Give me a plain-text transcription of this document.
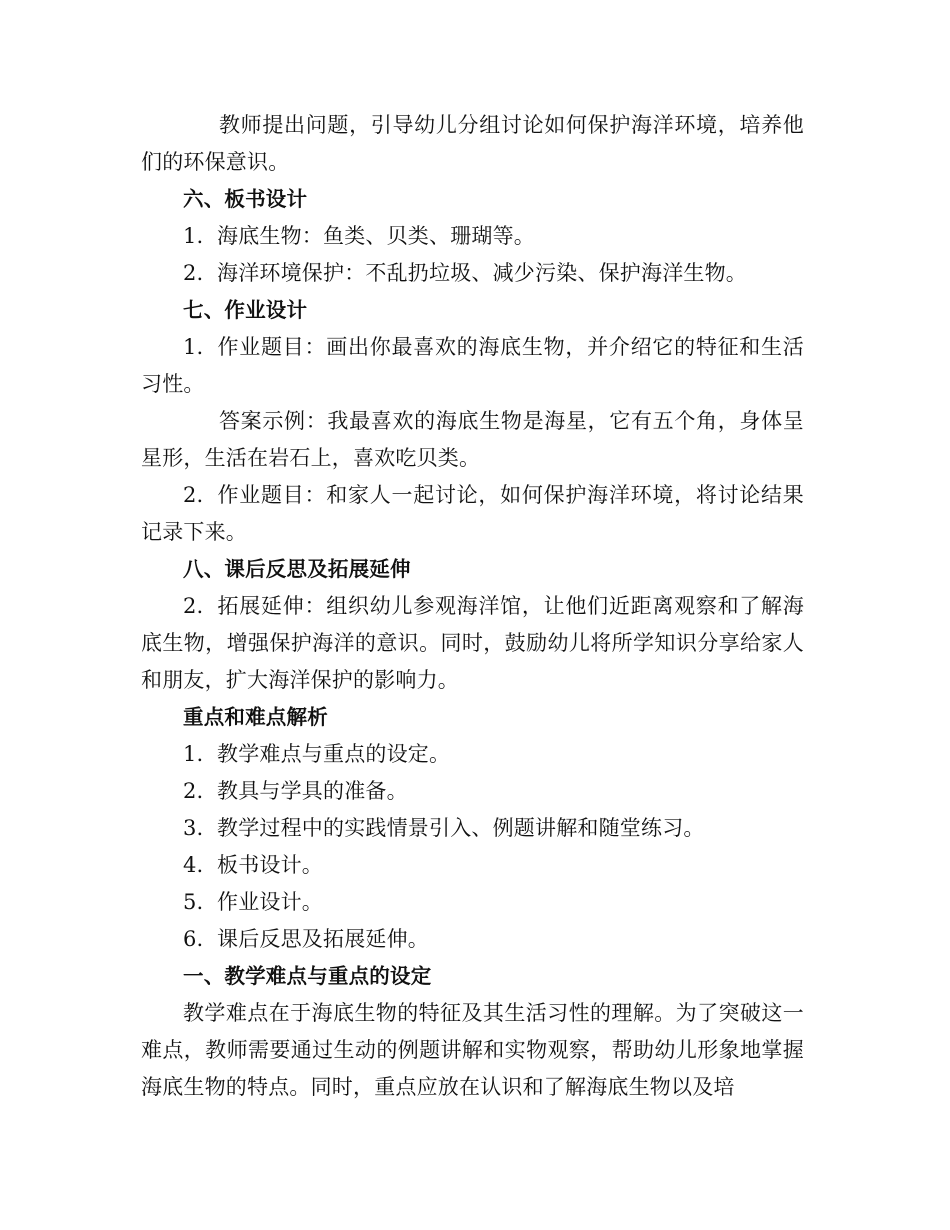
教师提出问题，引导幼儿分组讨论如何保护海洋环境，培养他们的环保意识。

六、板书设计

1. 海底生物：鱼类、贝类、珊瑚等。

2. 海洋环境保护：不乱扔垃圾、减少污染、保护海洋生物。

七、作业设计

1. 作业题目：画出你最喜欢的海底生物，并介绍它的特征和生活习性。

答案示例：我最喜欢的海底生物是海星，它有五个角，身体呈星形，生活在岩石上，喜欢吃贝类。

2. 作业题目：和家人一起讨论，如何保护海洋环境，将讨论结果记录下来。

八、课后反思及拓展延伸

2. 拓展延伸：组织幼儿参观海洋馆，让他们近距离观察和了解海底生物，增强保护海洋的意识。同时，鼓励幼儿将所学知识分享给家人和朋友，扩大海洋保护的影响力。

重点和难点解析

1. 教学难点与重点的设定。

2. 教具与学具的准备。

3. 教学过程中的实践情景引入、例题讲解和随堂练习。

4. 板书设计。

5. 作业设计。

6. 课后反思及拓展延伸。

一、教学难点与重点的设定

教学难点在于海底生物的特征及其生活习性的理解。为了突破这一难点，教师需要通过生动的例题讲解和实物观察，帮助幼儿形象地掌握海底生物的特点。同时，重点应放在认识和了解海底生物以及培
